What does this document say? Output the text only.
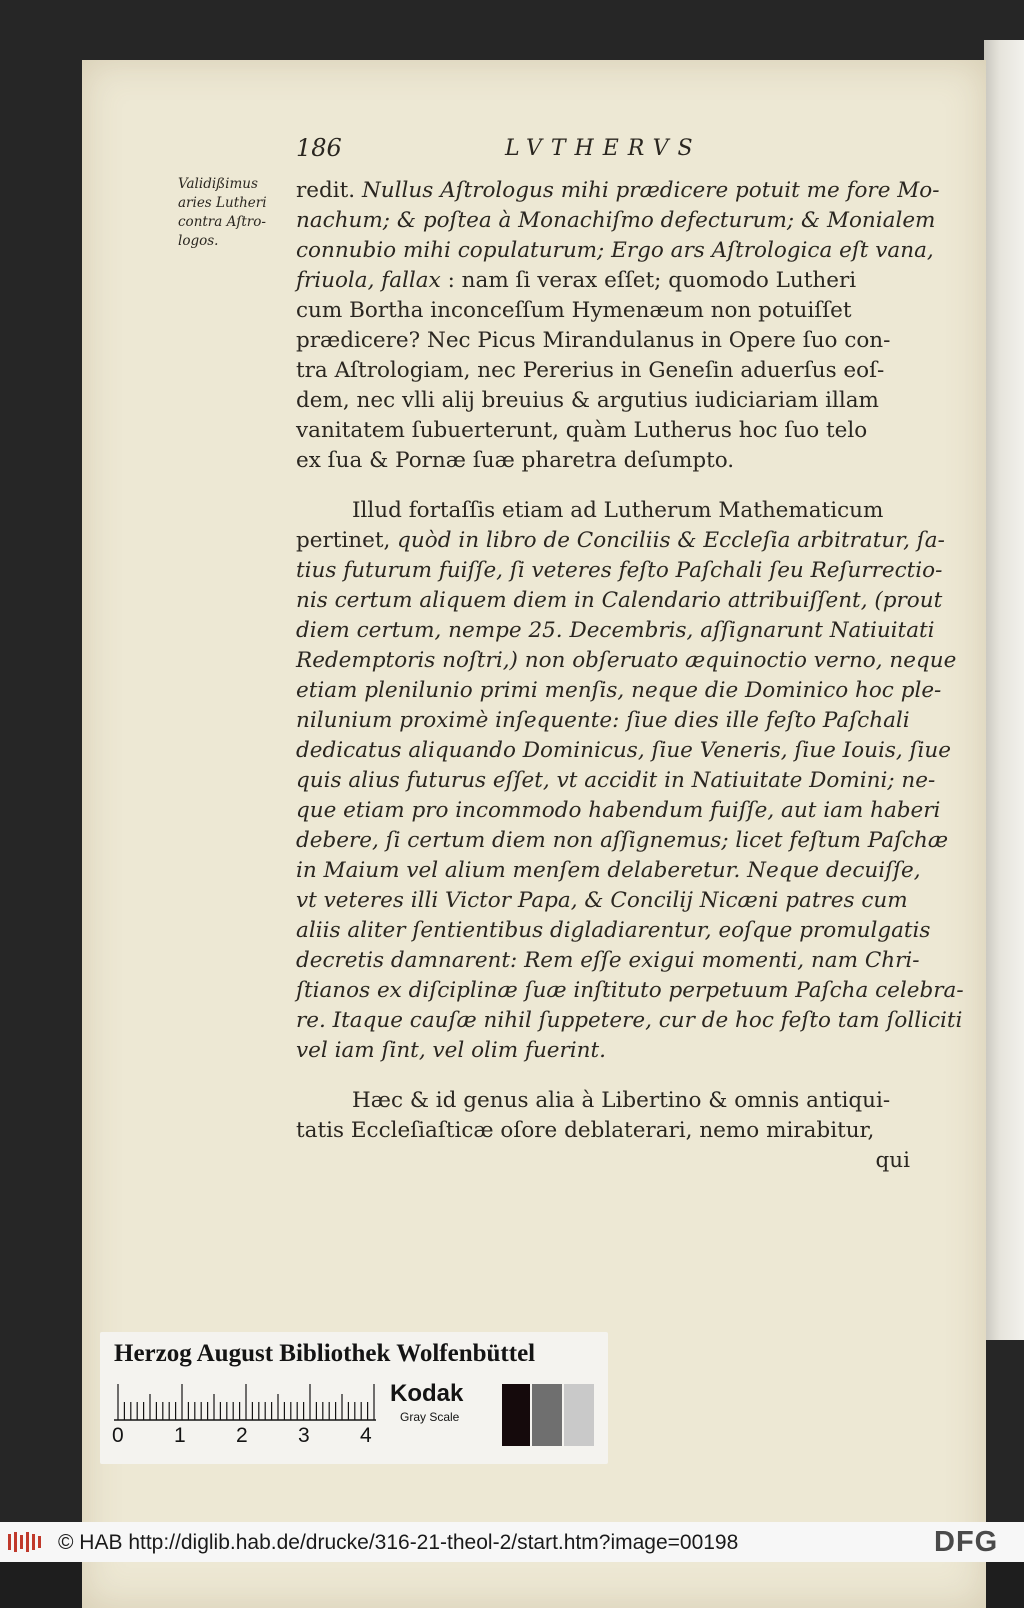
186	LVTHERVS
Validißimus
aries Lutheri
contra Aſtro-
logos.
redit. Nullus Aſtrologus mihi prædicere potuit me fore Mo-
nachum; & poſtea à Monachiſmo defecturum; & Monialem
connubio mihi copulaturum; Ergo ars Aſtrologica eſt vana,
friuola, fallax : nam ſi verax eſſet; quomodo Lutheri
cum Bortha inconceſſum Hymenæum non potuiſſet
prædicere? Nec Picus Mirandulanus in Opere ſuo con-
tra Aſtrologiam, nec Pererius in Geneſin aduerſus eoſ-
dem, nec vlli alij breuius & argutius iudiciariam illam
vanitatem ſubuerterunt, quàm Lutherus hoc ſuo telo
ex ſua & Pornæ ſuæ pharetra deſumpto.
Illud fortaſſis etiam ad Lutherum Mathematicum
pertinet, quòd in libro de Conciliis & Eccleſia arbitratur, ſa-
tius futurum fuiſſe, ſi veteres feſto Paſchali ſeu Reſurrectio-
nis certum aliquem diem in Calendario attribuiſſent, (prout
diem certum, nempe 25. Decembris, aſſignarunt Natiuitati
Redemptoris noſtri,) non obſeruato æquinoctio verno, neque
etiam plenilunio primi menſis, neque die Dominico hoc ple-
nilunium proximè inſequente: ſiue dies ille feſto Paſchali
dedicatus aliquando Dominicus, ſiue Veneris, ſiue Iouis, ſiue
quis alius futurus eſſet, vt accidit in Natiuitate Domini; ne-
que etiam pro incommodo habendum fuiſſe, aut iam haberi
debere, ſi certum diem non aſſignemus; licet feſtum Paſchæ
in Maium vel alium menſem delaberetur. Neque decuiſſe,
vt veteres illi Victor Papa, & Concilij Nicæni patres cum
aliis aliter ſentientibus digladiarentur, eoſque promulgatis
decretis damnarent: Rem eſſe exigui momenti, nam Chri-
ſtianos ex diſciplinæ ſuæ inſtituto perpetuum Paſcha celebra-
re. Itaque cauſæ nihil ſuppetere, cur de hoc feſto tam ſolliciti
vel iam ſint, vel olim fuerint.
Hæc & id genus alia à Libertino & omnis antiqui-
tatis Eccleſiaſticæ oſore deblaterari, nemo mirabitur,
qui
Herzog August Bibliothek Wolfenbüttel
0 1 2 3 4
Kodak
Gray Scale
© HAB http://diglib.hab.de/drucke/316-21-theol-2/start.htm?image=00198	DFG
